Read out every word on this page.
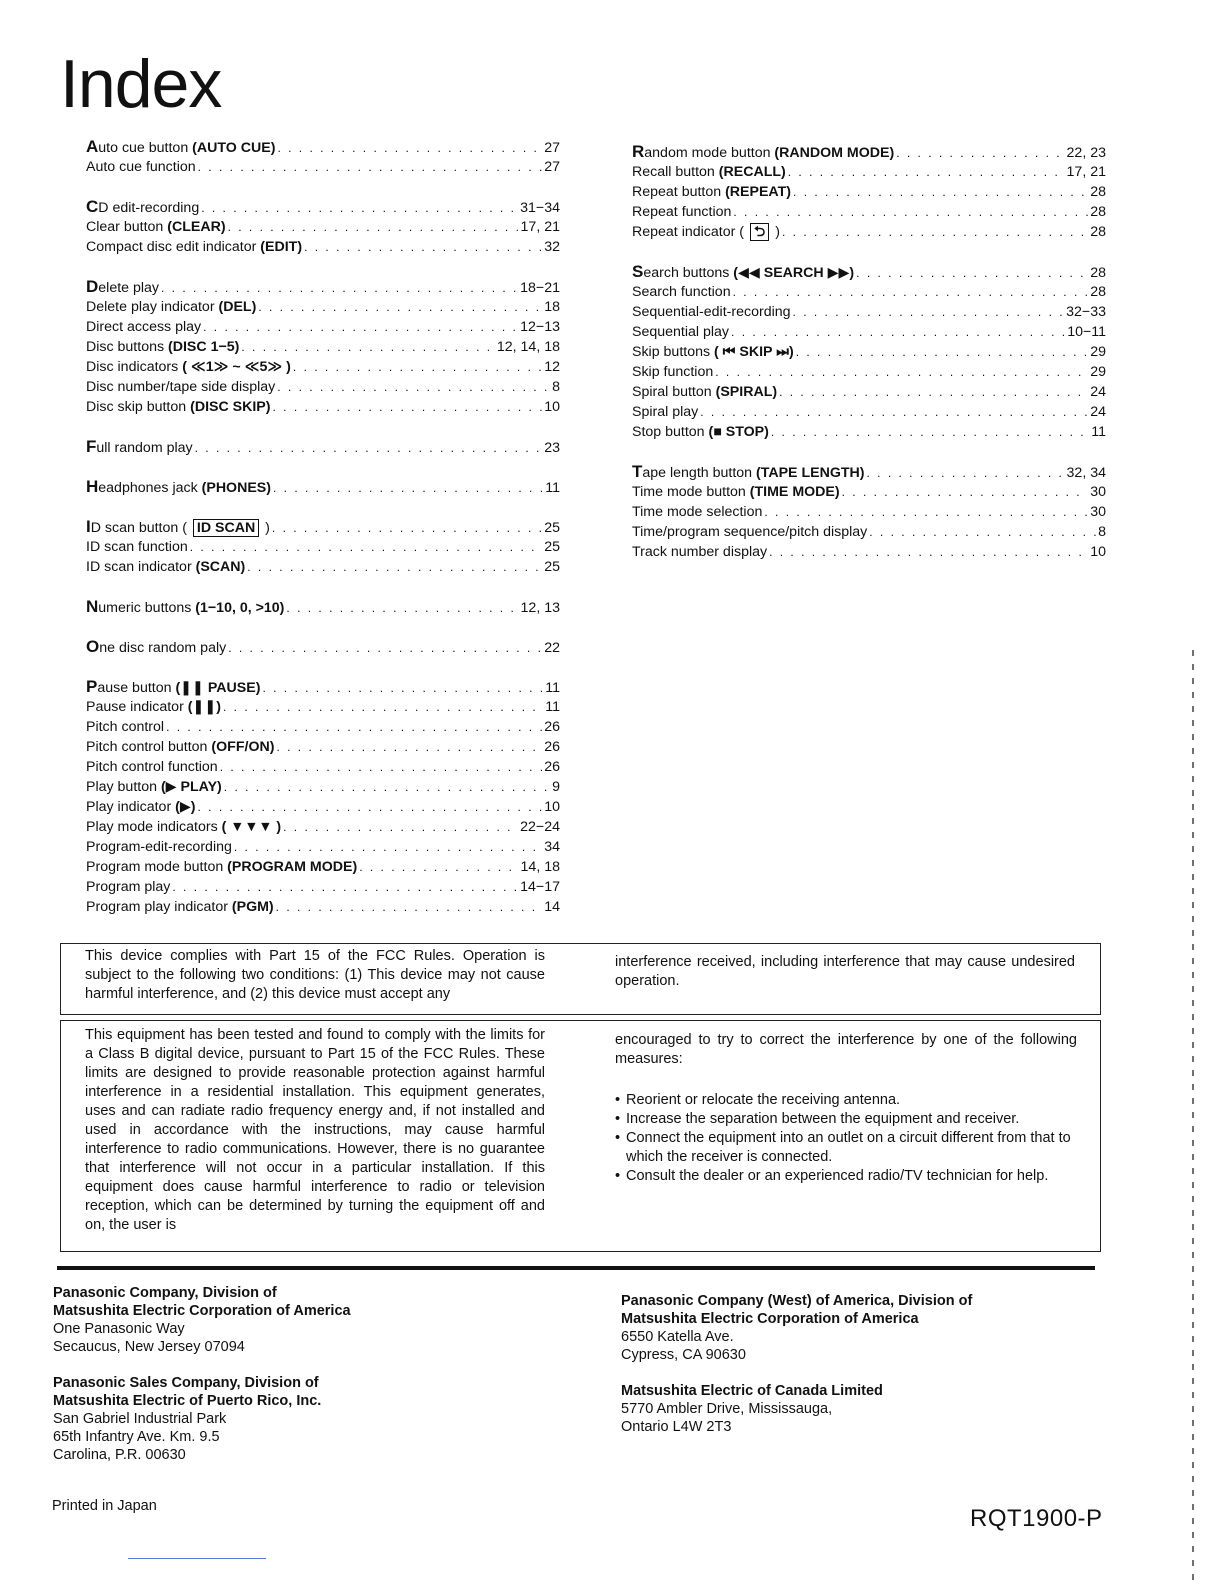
Index
Auto cue button (AUTO CUE) . . .	27
Auto cue function . . .	27
CD edit-recording . . .	31−34
Clear button (CLEAR) . . .	17, 21
Compact disc edit indicator (EDIT) . . .	32
Delete play . . .	18−21
Delete play indicator (DEL) . . .	18
Direct access play . . .	12−13
Disc buttons (DISC 1−5) . . .	12, 14, 18
Disc indicators ( ≪1≫ ~ ≪5≫ ) . . .	12
Disc number/tape side display . . .	8
Disc skip button (DISC SKIP) . . .	10
Full random play . . .	23
Headphones jack (PHONES) . . .	11
ID scan button ( ID SCAN ) . . .	25
ID scan function . . .	25
ID scan indicator (SCAN) . . .	25
Numeric buttons (1−10, 0, >10) . . .	12, 13
One disc random paly . . .	22
Pause button (❚❚ PAUSE) . . .	11
Pause indicator (❚❚) . . .	11
Pitch control . . .	26
Pitch control button (OFF/ON) . . .	26
Pitch control function . . .	26
Play button (▶ PLAY) . . .	9
Play indicator (▶) . . .	10
Play mode indicators ( ▼▼▼ ) . . .	22−24
Program-edit-recording . . .	34
Program mode button (PROGRAM MODE) . . .	14, 18
Program play . . .	14−17
Program play indicator (PGM) . . .	14
Random mode button (RANDOM MODE) . . .	22, 23
Recall button (RECALL) . . .	17, 21
Repeat button (REPEAT) . . .	28
Repeat function . . .	28
Repeat indicator ( ⮌ ) . . .	28
Search buttons (◀◀ SEARCH ▶▶) . . .	28
Search function . . .	28
Sequential-edit-recording . . .	32−33
Sequential play . . .	10−11
Skip buttons ( ⏮ SKIP ⏭) . . .	29
Skip function . . .	29
Spiral button (SPIRAL) . . .	24
Spiral play . . .	24
Stop button (■ STOP) . . .	11
Tape length button (TAPE LENGTH) . . .	32, 34
Time mode button (TIME MODE) . . .	30
Time mode selection . . .	30
Time/program sequence/pitch display . . .	8
Track number display . . .	10

This device complies with Part 15 of the FCC Rules. Operation is subject to the following two conditions: (1) This device may not cause harmful interference, and (2) this device must accept any

interference received, including interference that may cause undesired operation.

This equipment has been tested and found to comply with the limits for a Class B digital device, pursuant to Part 15 of the FCC Rules. These limits are designed to provide reasonable protection against harmful interference in a residential installation. This equipment generates, uses and can radiate radio frequency energy and, if not installed and used in accordance with the instructions, may cause harmful interference to radio communications. However, there is no guarantee that interference will not occur in a particular installation. If this equipment does cause harmful interference to radio or television reception, which can be determined by turning the equipment off and on, the user is

encouraged to try to correct the interference by one of the following measures:

• Reorient or relocate the receiving antenna.
• Increase the separation between the equipment and receiver.
• Connect the equipment into an outlet on a circuit different from that to which the receiver is connected.
• Consult the dealer or an experienced radio/TV technician for help.
Panasonic Company, Division of
Matsushita Electric Corporation of America
One Panasonic Way
Secaucus, New Jersey 07094
Panasonic Sales Company, Division of
Matsushita Electric of Puerto Rico, Inc.
San Gabriel Industrial Park
65th Infantry Ave. Km. 9.5
Carolina, P.R. 00630
Panasonic Company (West) of America, Division of
Matsushita Electric Corporation of America
6550 Katella Ave.
Cypress, CA 90630
Matsushita Electric of Canada Limited
5770 Ambler Drive, Mississauga,
Ontario L4W 2T3
Printed in Japan	RQT1900-P
